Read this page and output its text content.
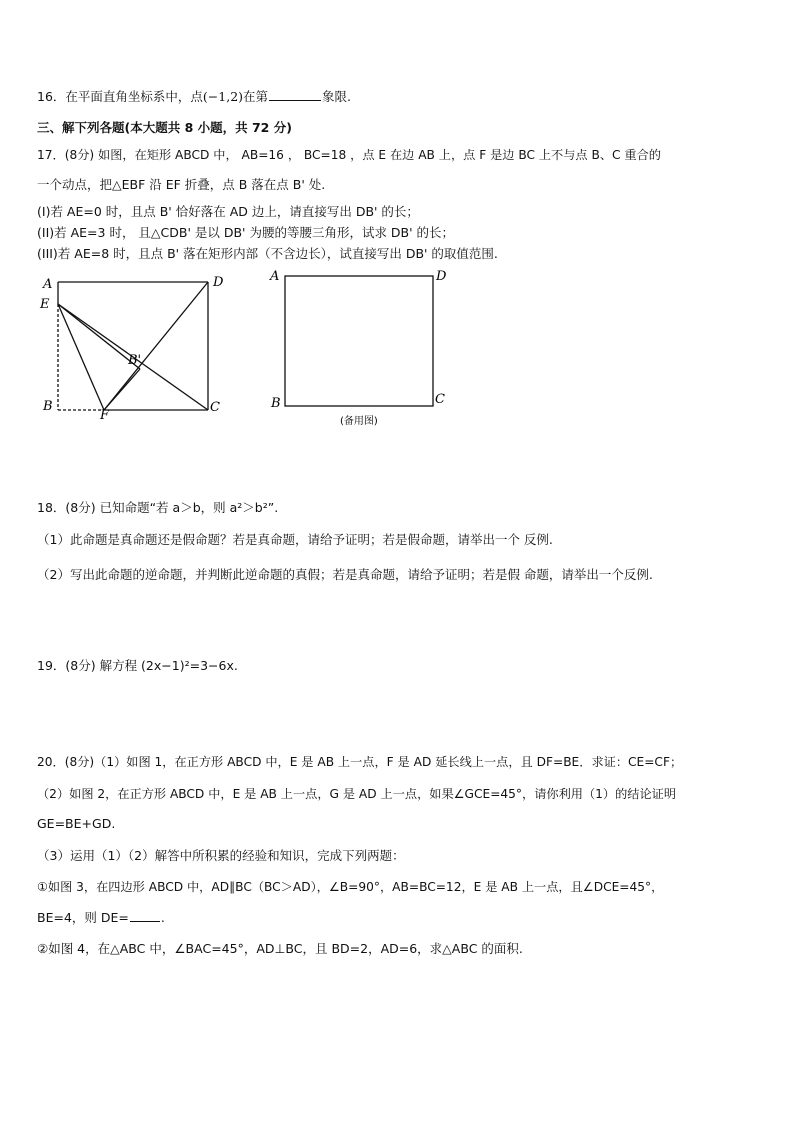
16．在平面直角坐标系中，点(−1,2)在第	象限.
三、解下列各题(本大题共 8 小题，共 72 分)
17．(8分) 如图，在矩形 ABCD 中， AB=16 ， BC=18 ，点 E 在边 AB 上，点 F 是边 BC 上不与点 B、C 重合的
一个动点，把△EBF 沿 EF 折叠，点 B 落在点 B' 处.
(I)若 AE=0 时，且点 B' 恰好落在 AD 边上，请直接写出 DB' 的长；
(II)若 AE=3 时， 且△CDB' 是以 DB' 为腰的等腰三角形，试求 DB' 的长；
(III)若 AE=8 时，且点 B' 落在矩形内部（不含边长），试直接写出 DB' 的取值范围.
A	D
E
B'
B
F
C
A	D
B	C
(备用图)
18．(8分) 已知命题“若 a＞b，则 a²＞b²”.
（1）此命题是真命题还是假命题？若是真命题，请给予证明；若是假命题，请举出一个 反例.
（2）写出此命题的逆命题，并判断此逆命题的真假；若是真命题，请给予证明；若是假 命题，请举出一个反例.
19．(8分) 解方程 (2x−1)²=3−6x.
20．(8分)（1）如图 1，在正方形 ABCD 中，E 是 AB 上一点，F 是 AD 延长线上一点，且 DF=BE．求证：CE=CF；
（2）如图 2，在正方形 ABCD 中，E 是 AB 上一点，G 是 AD 上一点，如果∠GCE=45°，请你利用（1）的结论证明
GE=BE+GD.
（3）运用（1）（2）解答中所积累的经验和知识，完成下列两题：
①如图 3，在四边形 ABCD 中，AD∥BC（BC＞AD），∠B=90°，AB=BC=12，E 是 AB 上一点，且∠DCE=45°，
BE=4，则 DE=	.
②如图 4，在△ABC 中，∠BAC=45°，AD⊥BC，且 BD=2，AD=6，求△ABC 的面积.
